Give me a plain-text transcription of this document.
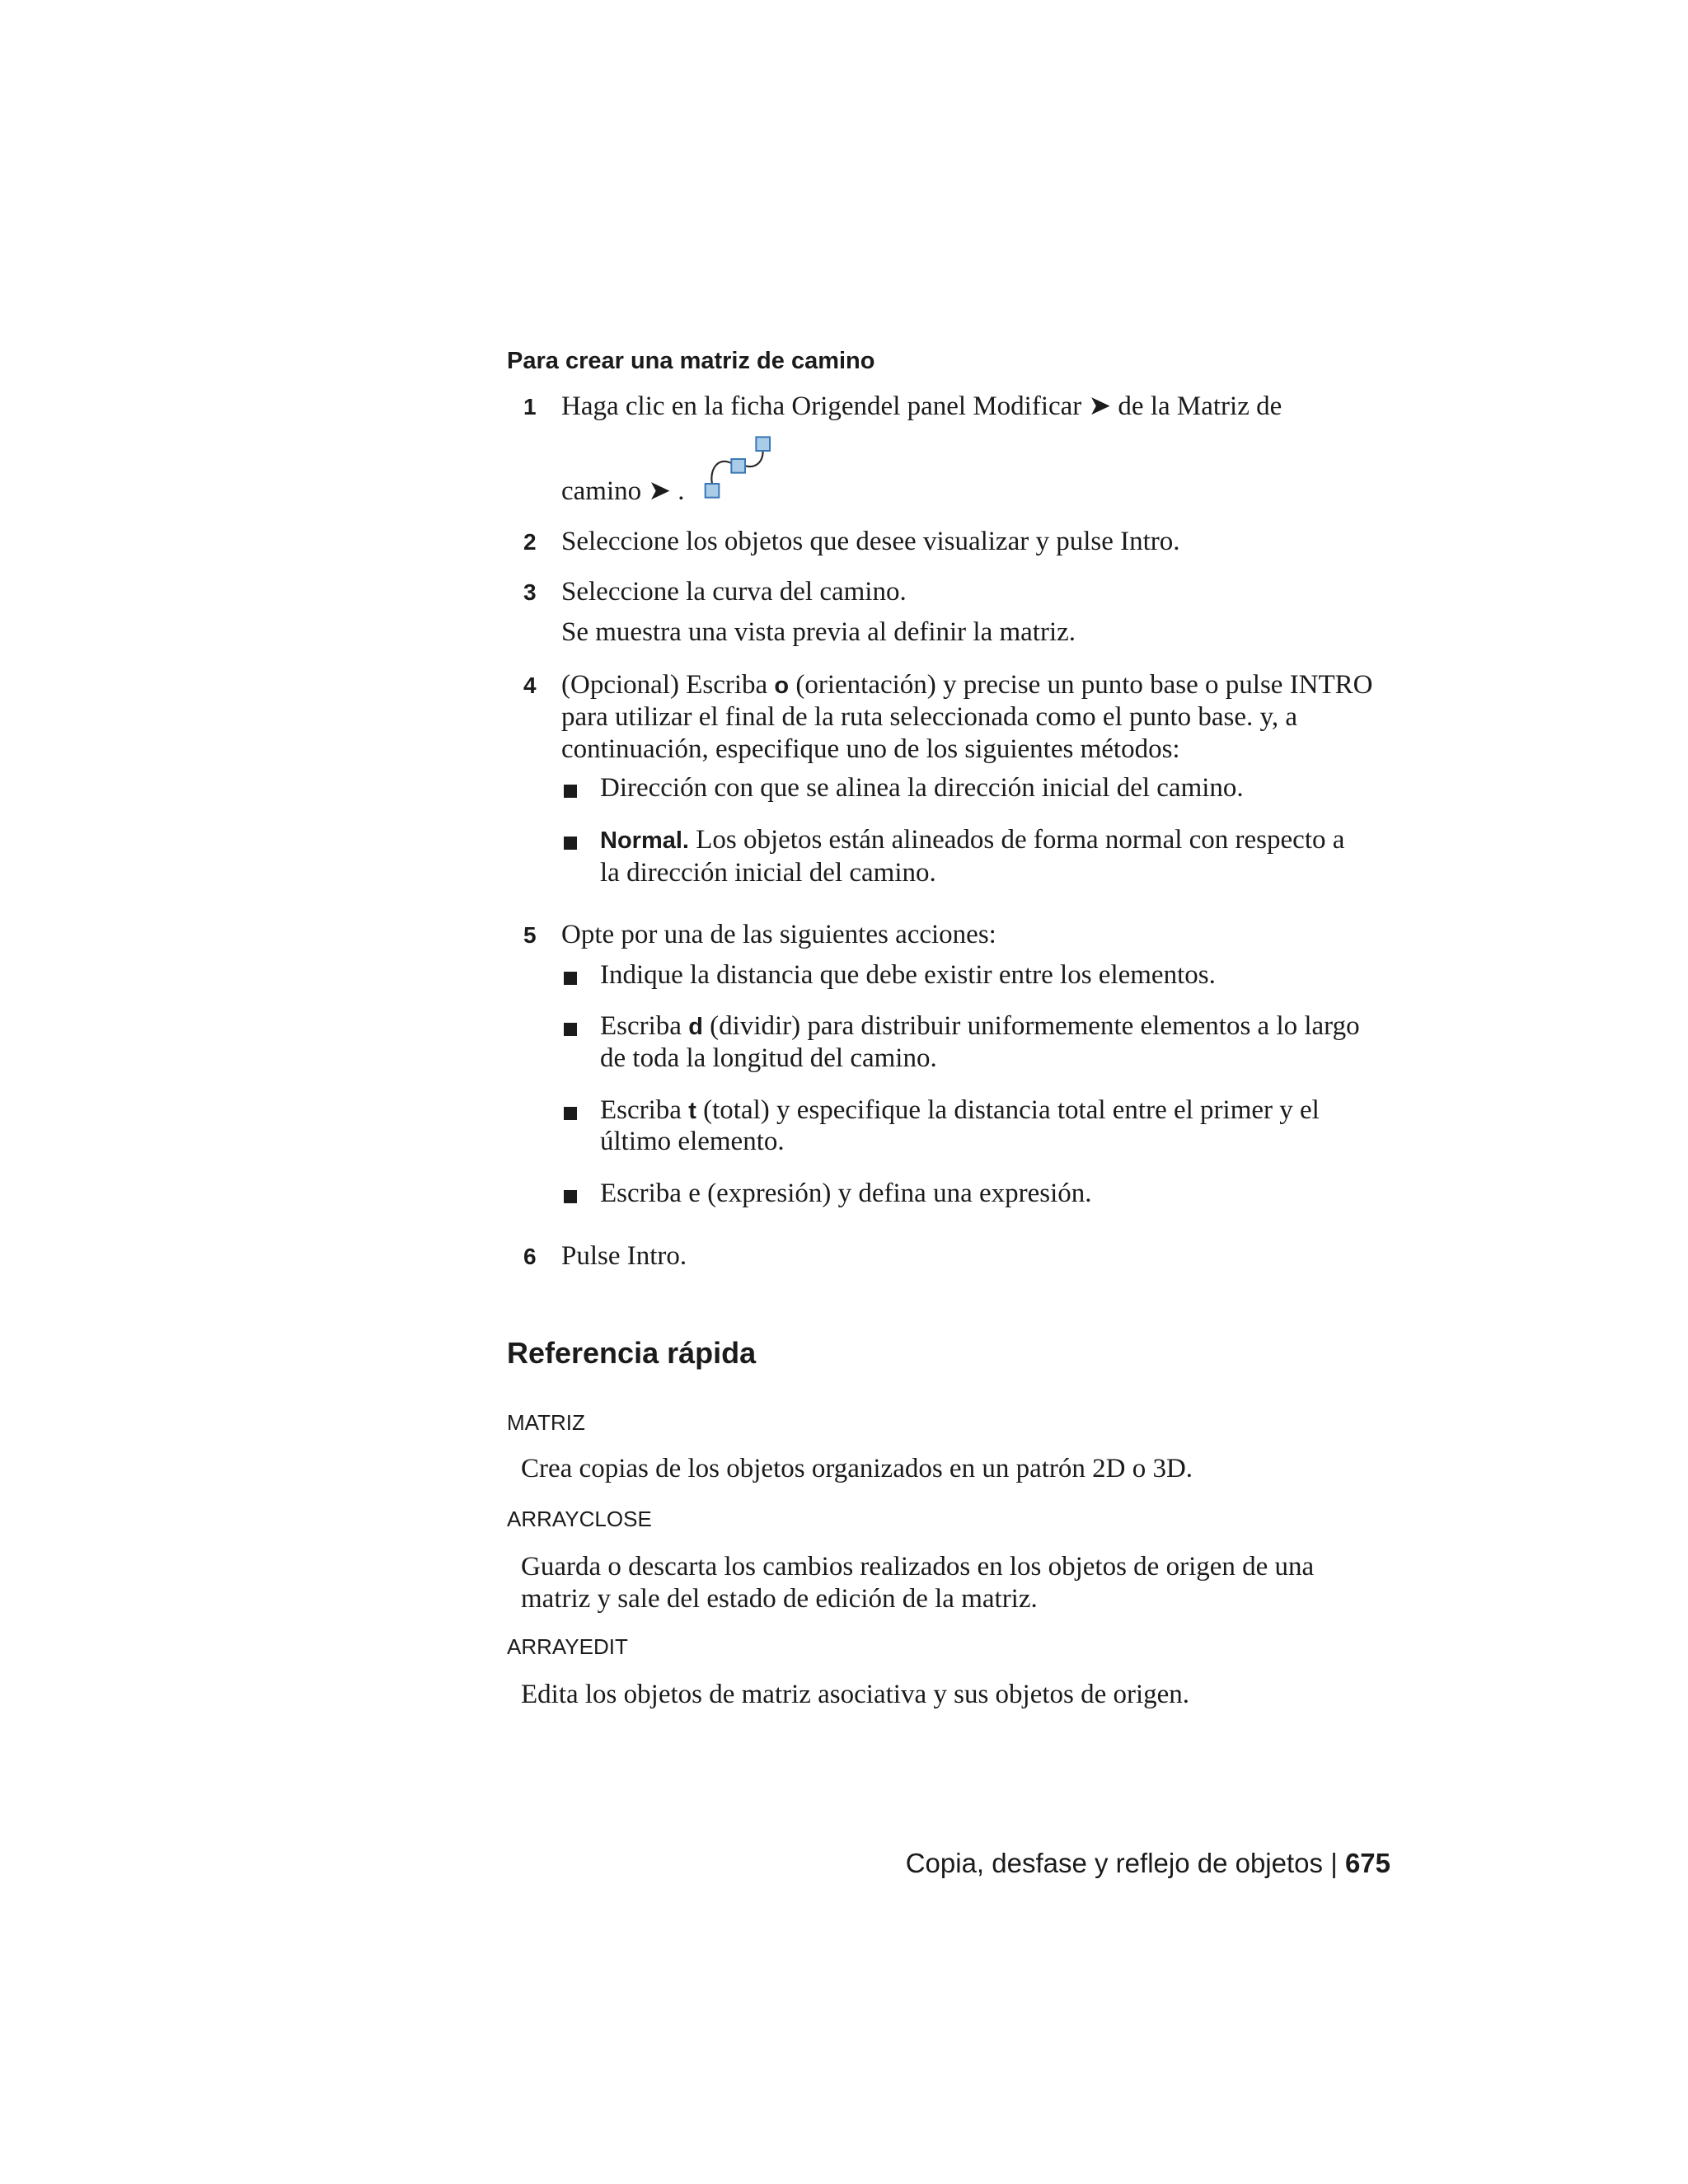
Para crear una matriz de camino
1 Haga clic en la ficha Origendel panel Modificar ➤ de la Matriz de
camino ➤ .
2 Seleccione los objetos que desee visualizar y pulse Intro.
3 Seleccione la curva del camino.
Se muestra una vista previa al definir la matriz.
4 (Opcional) Escriba o (orientación) y precise un punto base o pulse INTRO
para utilizar el final de la ruta seleccionada como el punto base. y, a
continuación, especifique uno de los siguientes métodos:
Dirección con que se alinea la dirección inicial del camino.
Normal. Los objetos están alineados de forma normal con respecto a
la dirección inicial del camino.
5 Opte por una de las siguientes acciones:
Indique la distancia que debe existir entre los elementos.
Escriba d (dividir) para distribuir uniformemente elementos a lo largo
de toda la longitud del camino.
Escriba t (total) y especifique la distancia total entre el primer y el
último elemento.
Escriba e (expresión) y defina una expresión.
6 Pulse Intro.
Referencia rápida
MATRIZ
Crea copias de los objetos organizados en un patrón 2D o 3D.
ARRAYCLOSE
Guarda o descarta los cambios realizados en los objetos de origen de una
matriz y sale del estado de edición de la matriz.
ARRAYEDIT
Edita los objetos de matriz asociativa y sus objetos de origen.
Copia, desfase y reflejo de objetos | 675
